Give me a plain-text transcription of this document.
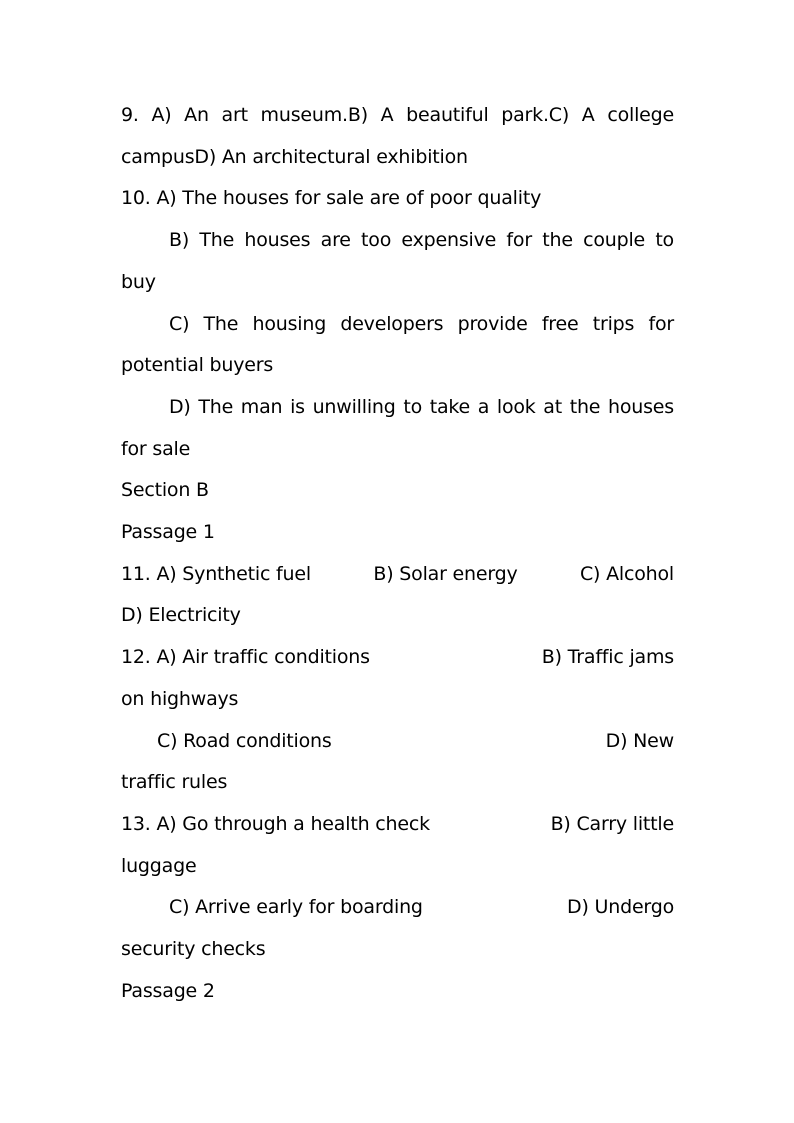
9. A) An art museum.B) A beautiful park.C) A college campusD) An architectural exhibition

10. A) The houses for sale are of poor quality

B) The houses are too expensive for the couple to buy

C) The housing developers provide free trips for potential buyers

D) The man is unwilling to take a look at the houses for sale

Section B

Passage 1

11. A) Synthetic fuel	B) Solar energy	C) Alcohol

D) Electricity

12. A) Air traffic conditions	B) Traffic jams

on highways

C) Road conditions	D) New

traffic rules

13. A) Go through a health check	B) Carry little

luggage

C) Arrive early for boarding	D) Undergo

security checks

Passage 2
